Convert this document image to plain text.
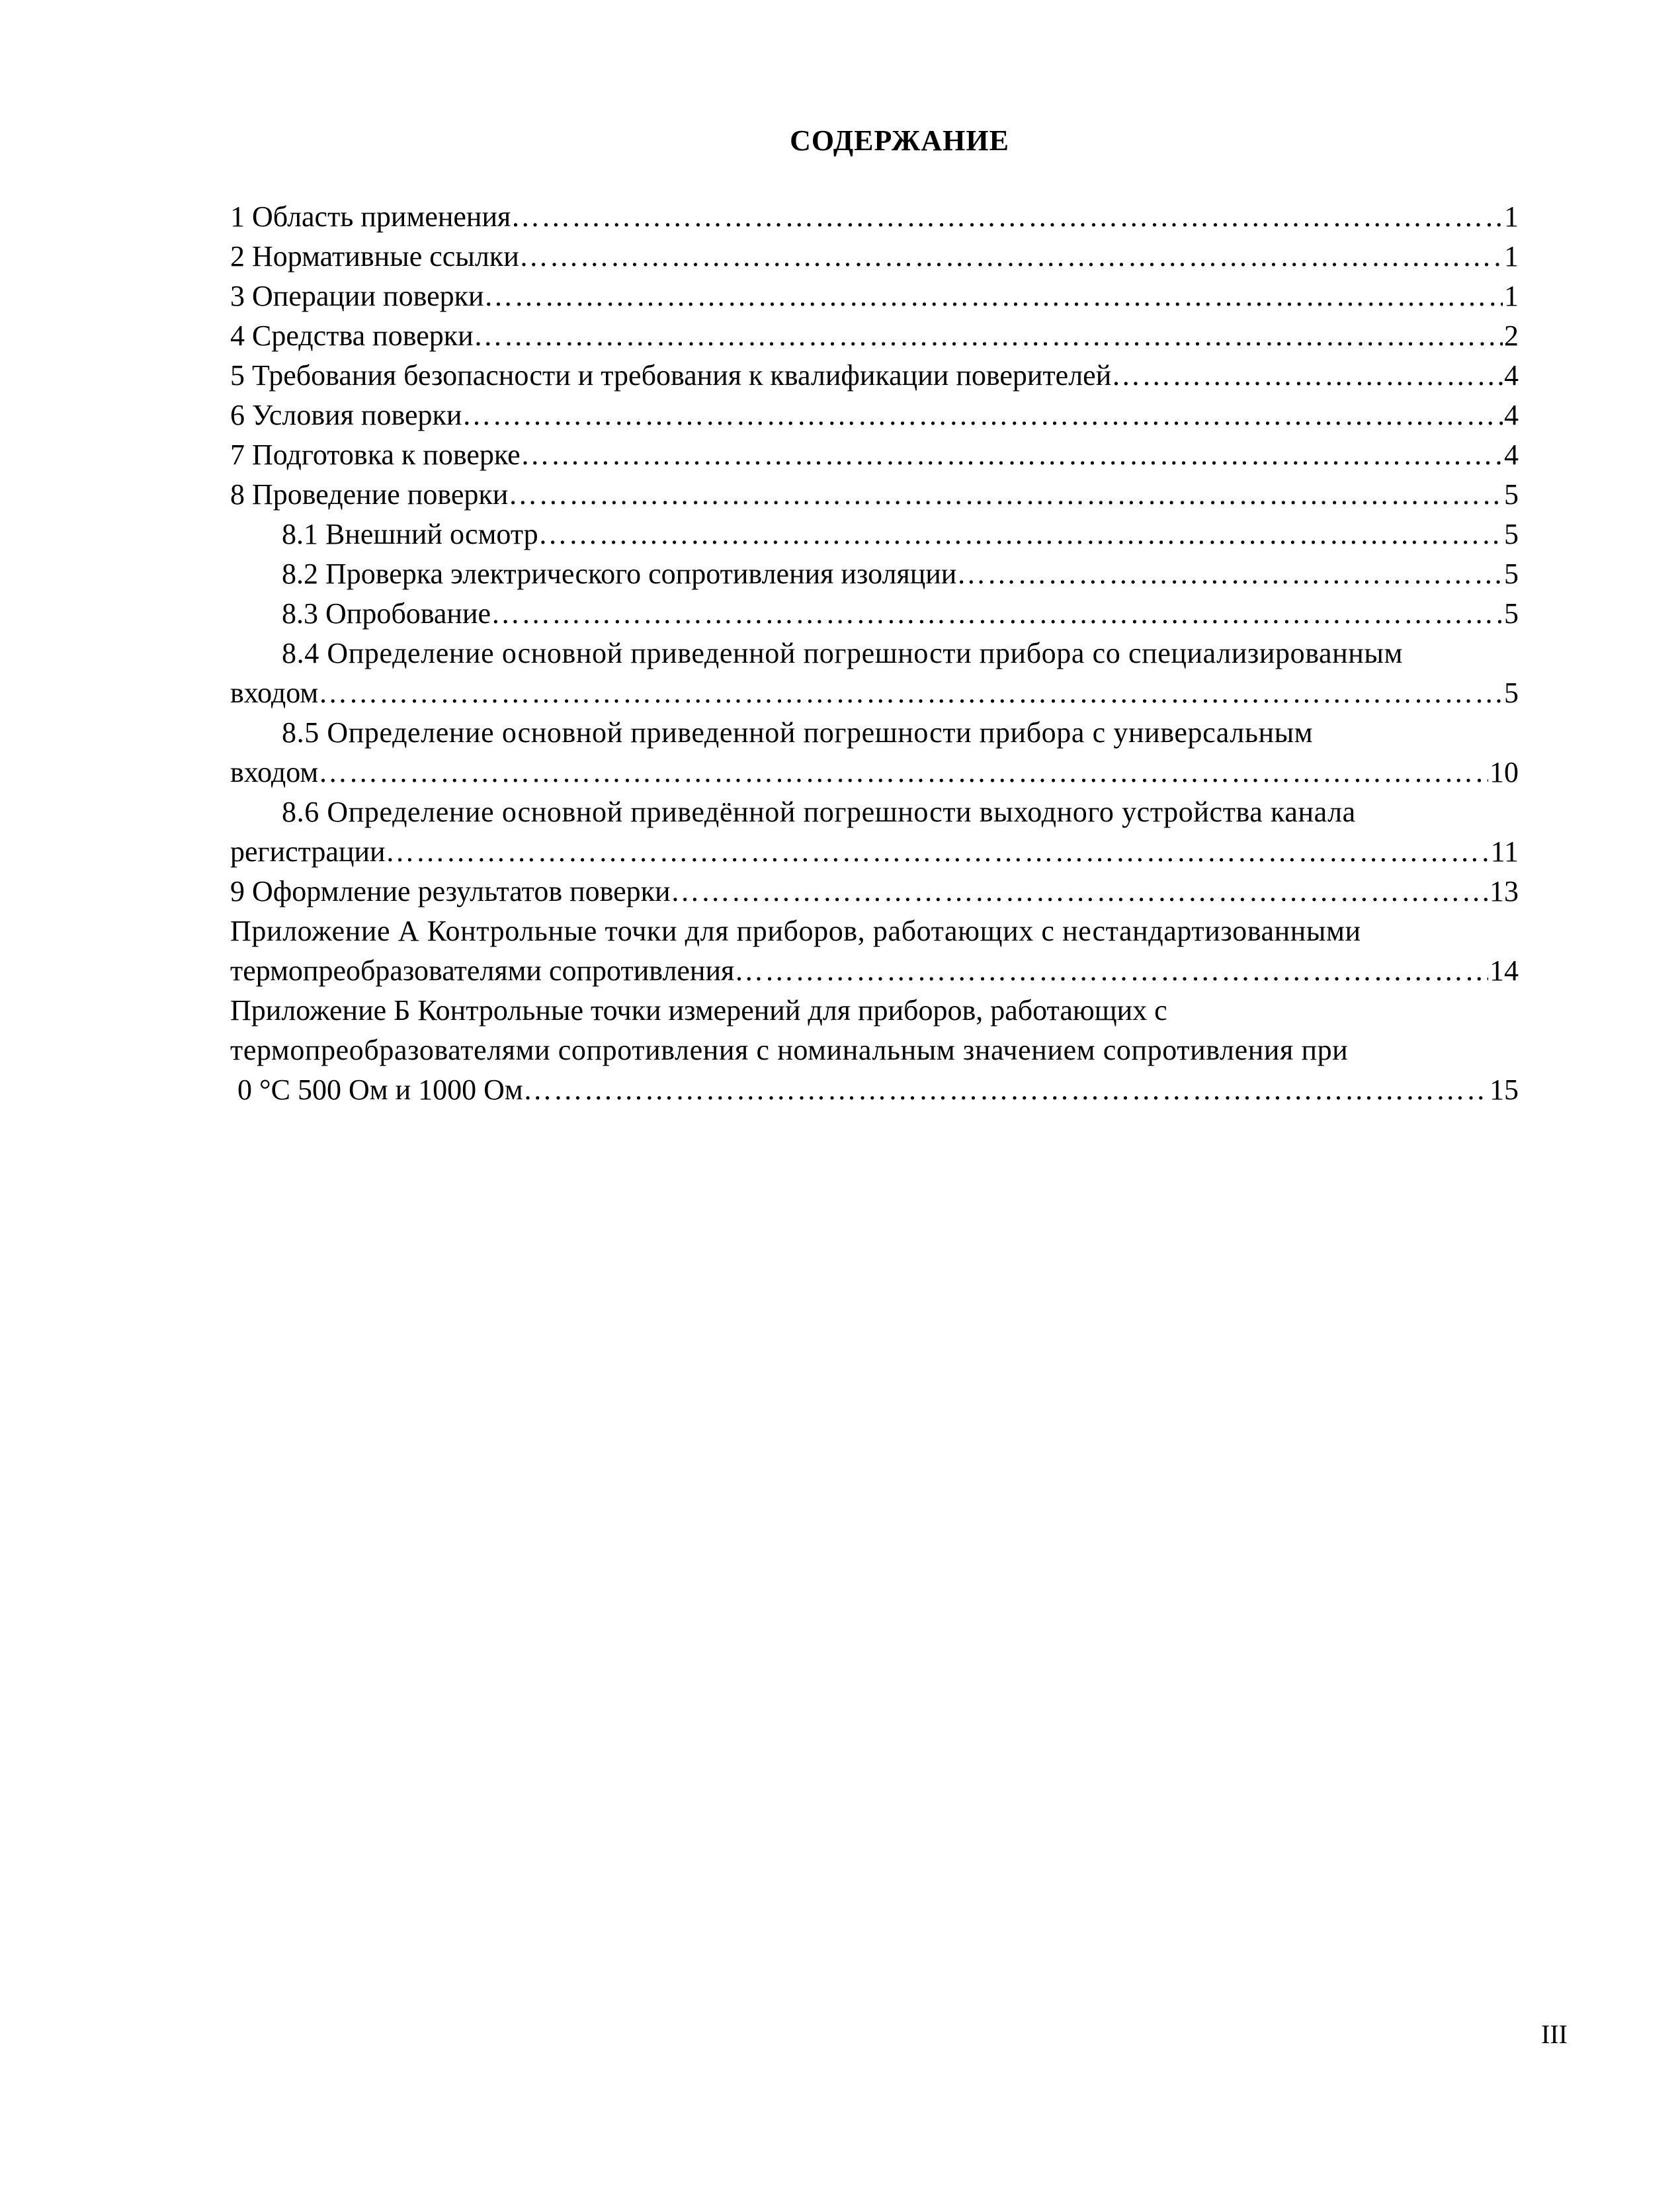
СОДЕРЖАНИЕ
1 Область применения ……………………………………………………………………………………………………………………………………………………………………………………………………………………………………………………………………	1
2 Нормативные ссылки ……………………………………………………………………………………………………………………………………………………………………………………………………………………………………………………………………	1
3 Операции поверки ……………………………………………………………………………………………………………………………………………………………………………………………………………………………………………………………………	1
4 Средства поверки ……………………………………………………………………………………………………………………………………………………………………………………………………………………………………………………………………	2
5 Требования безопасности и требования к квалификации поверителей ……………………………………………………………………………………………………………………………………………………………………………………………………………………………………………………………………	4
6 Условия поверки ……………………………………………………………………………………………………………………………………………………………………………………………………………………………………………………………………	4
7 Подготовка к поверке ……………………………………………………………………………………………………………………………………………………………………………………………………………………………………………………………………	4
8 Проведение поверки ……………………………………………………………………………………………………………………………………………………………………………………………………………………………………………………………………	5
8.1 Внешний осмотр ……………………………………………………………………………………………………………………………………………………………………………………………………………………………………………………………………	5
8.2 Проверка электрического сопротивления изоляции ……………………………………………………………………………………………………………………………………………………………………………………………………………………………………………………………………	5
8.3 Опробование ……………………………………………………………………………………………………………………………………………………………………………………………………………………………………………………………………	5
8.4 Определение основной приведенной погрешности прибора со специализированным
входом ……………………………………………………………………………………………………………………………………………………………………………………………………………………………………………………………………	5
8.5 Определение основной приведенной погрешности прибора с универсальным
входом ……………………………………………………………………………………………………………………………………………………………………………………………………………………………………………………………………	10
8.6 Определение основной приведённой погрешности выходного устройства канала
регистрации ……………………………………………………………………………………………………………………………………………………………………………………………………………………………………………………………………	11
9 Оформление результатов поверки ……………………………………………………………………………………………………………………………………………………………………………………………………………………………………………………………………	13
Приложение А Контрольные точки для приборов, работающих с нестандартизованными
термопреобразователями сопротивления ……………………………………………………………………………………………………………………………………………………………………………………………………………………………………………………………………	14
Приложение Б Контрольные точки измерений для приборов, работающих с
термопреобразователями сопротивления с номинальным значением сопротивления при
0 °С 500 Ом и 1000 Ом ……………………………………………………………………………………………………………………………………………………………………………………………………………………………………………………………………	15
III
